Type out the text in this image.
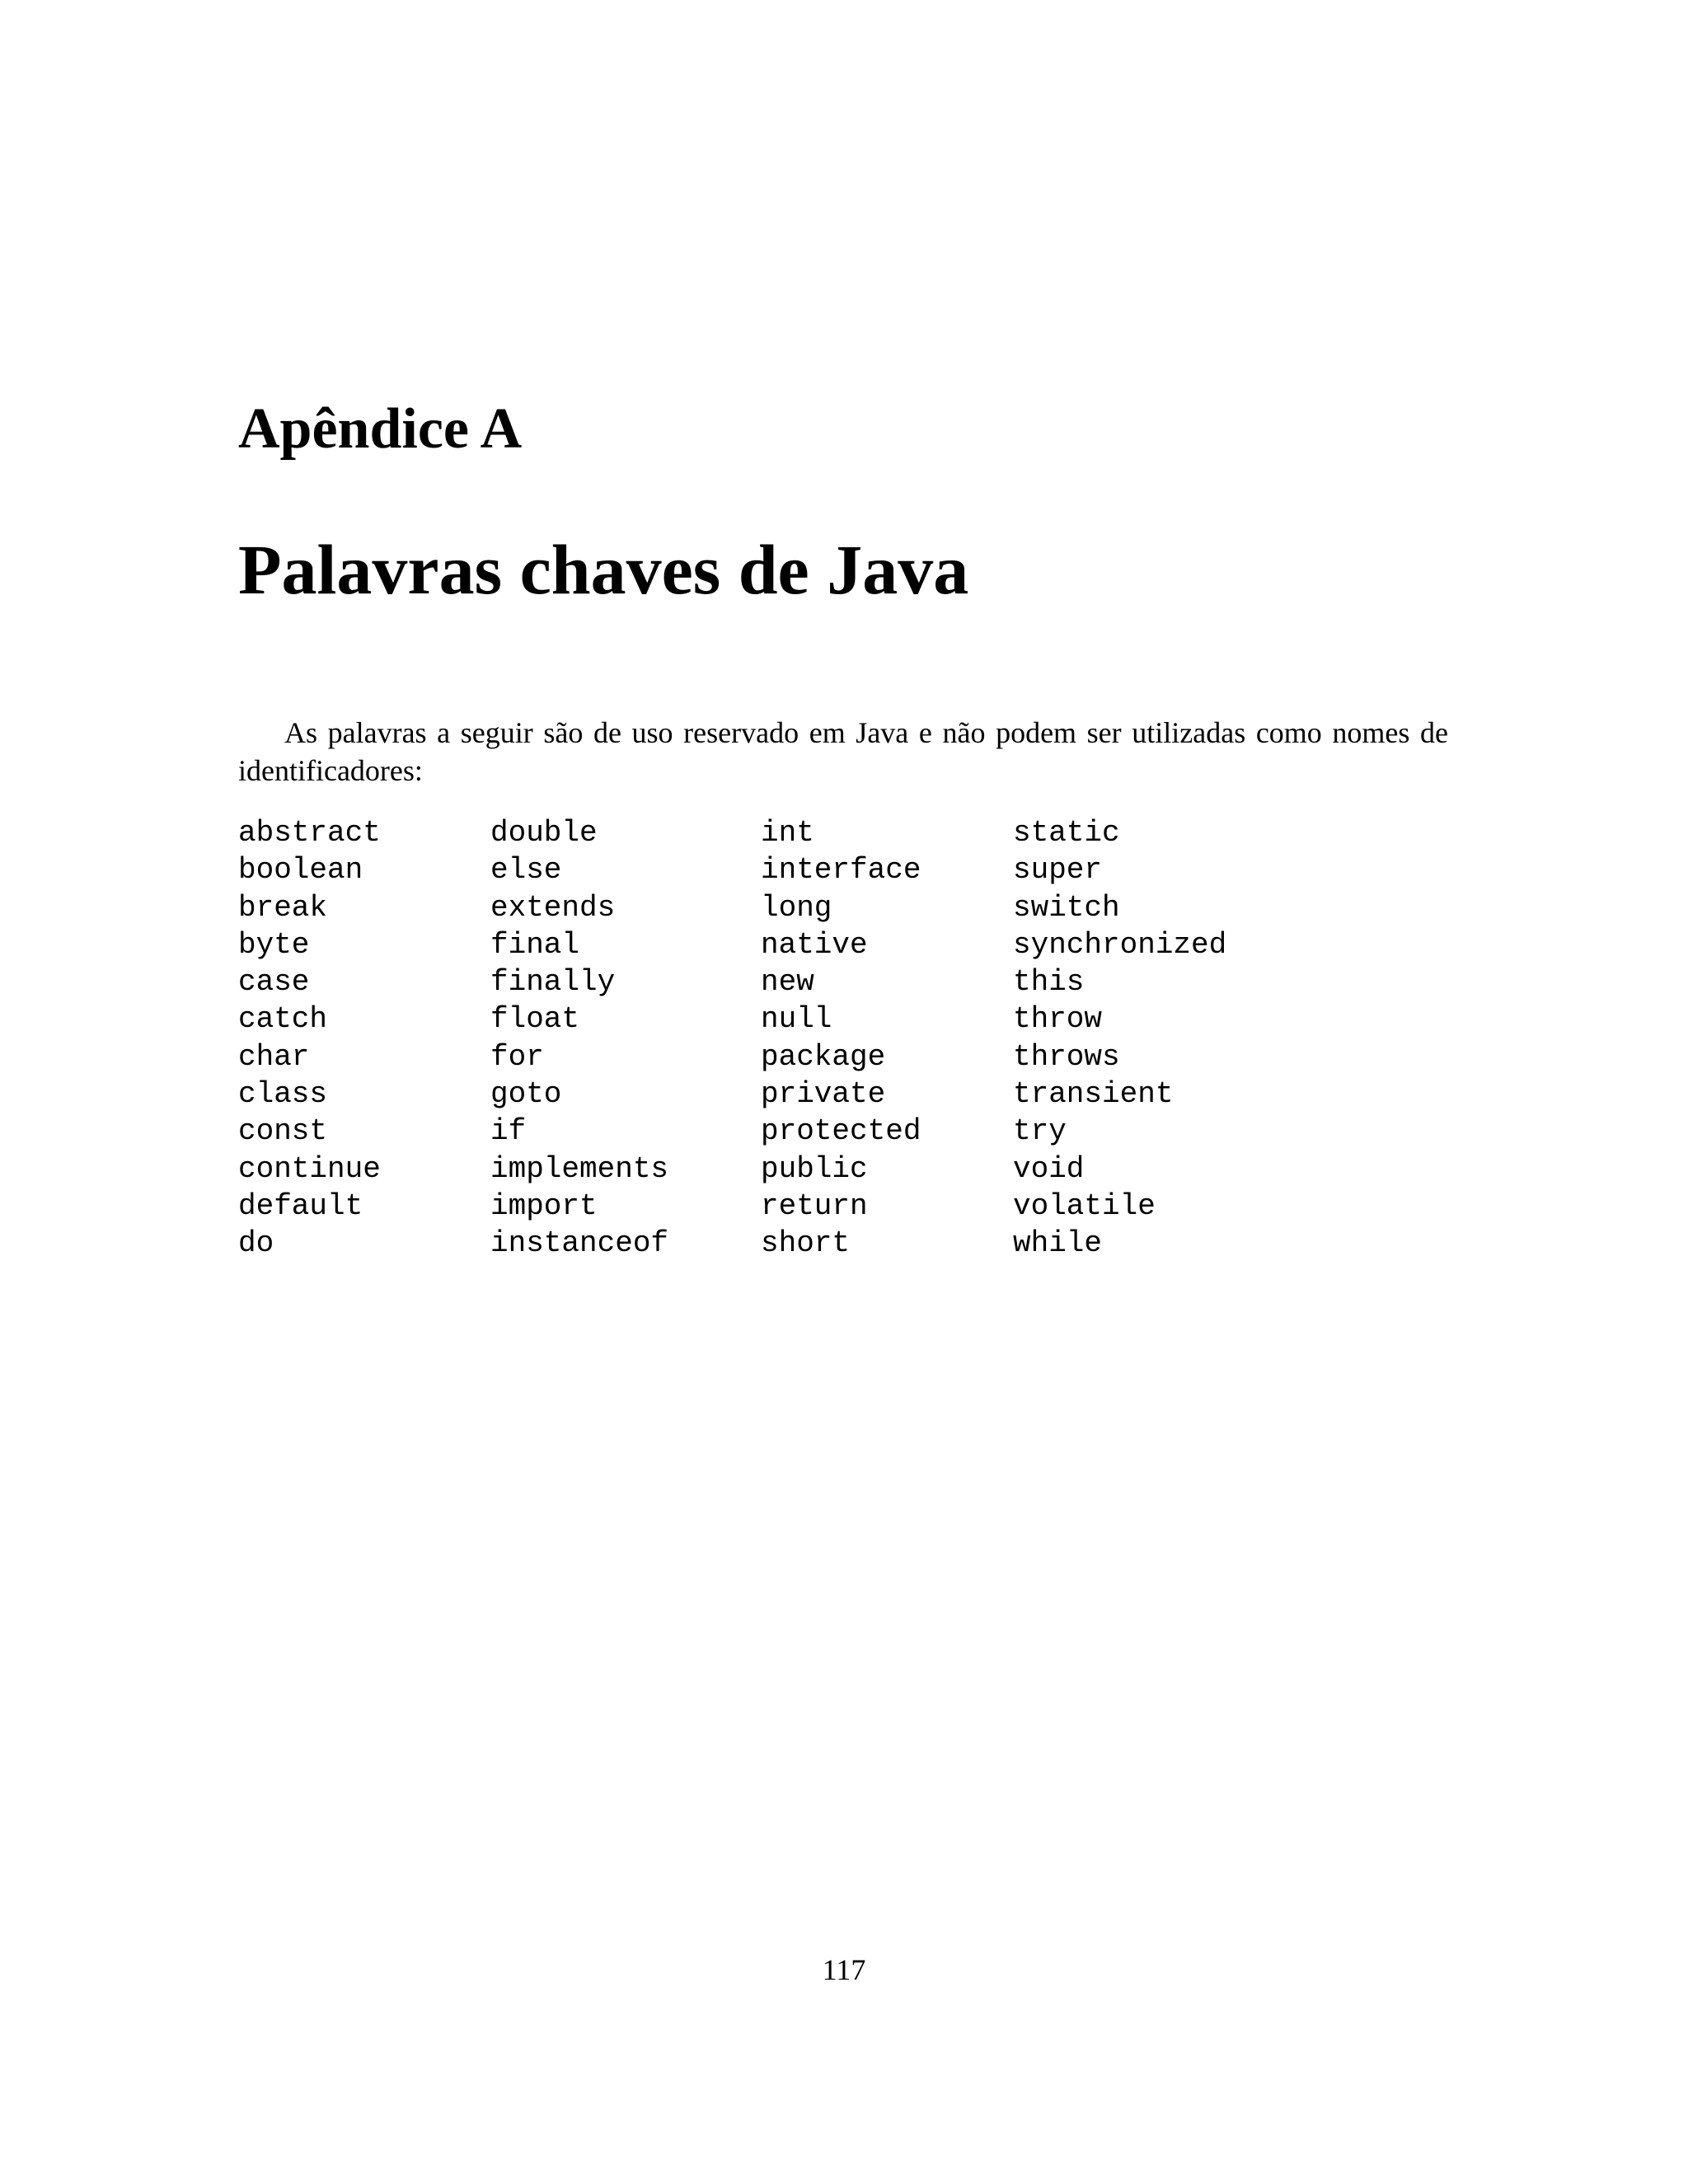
Apêndice A
Palavras chaves de Java

As palavras a seguir são de uso reservado em Java e não podem ser utilizadas como nomes de identificadores:

abstract
boolean
break
byte
case
catch
char
class
const
continue
default
do
double
else
extends
final
finally
float
for
goto
if
implements
import
instanceof
int
interface
long
native
new
null
package
private
protected
public
return
short
static
super
switch
synchronized
this
throw
throws
transient
try
void
volatile
while
117
